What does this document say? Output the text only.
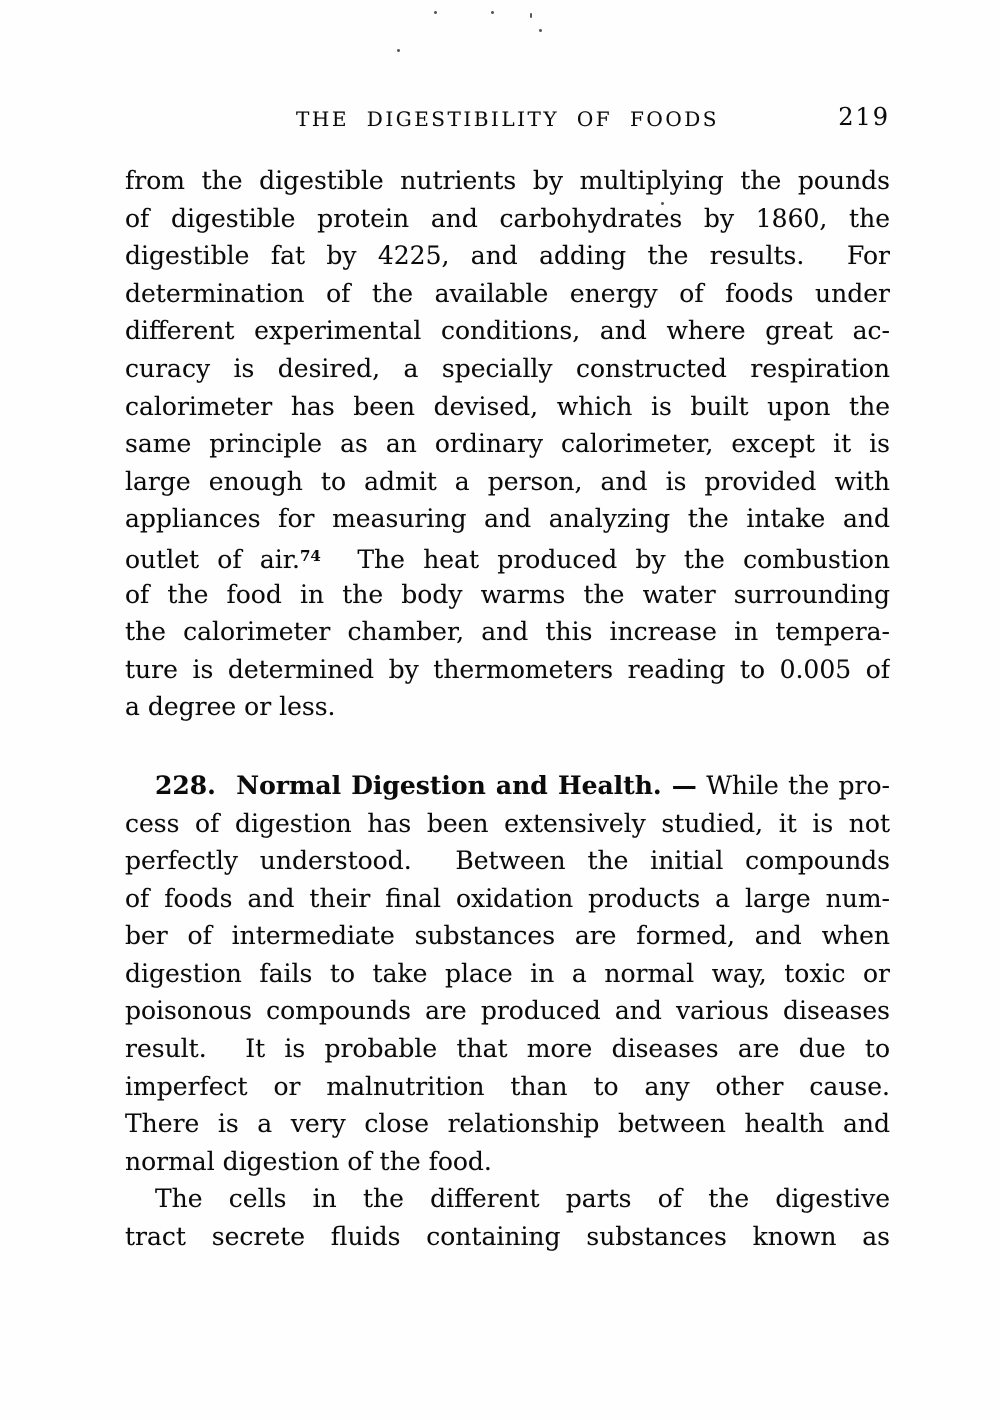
THE DIGESTIBILITY OF FOODS	219
from the digestible nutrients by multiplying the pounds
of digestible protein and carbohydrates by 1860, the
digestible fat by 4225, and adding the results.  For
determination of the available energy of foods under
different experimental conditions, and where great ac-
curacy is desired, a specially constructed respiration
calorimeter has been devised, which is built upon the
same principle as an ordinary calorimeter, except it is
large enough to admit a person, and is provided with
appliances for measuring and analyzing the intake and
outlet of air.$^{74}$  The heat produced by the combustion
of the food in the body warms the water surrounding
the calorimeter chamber, and this increase in tempera-
ture is determined by thermometers reading to 0.005 of
a degree or less.
228.  Normal Digestion and Health. — While the pro-
cess of digestion has been extensively studied, it is not
perfectly understood.  Between the initial compounds
of foods and their final oxidation products a large num-
ber of intermediate substances are formed, and when
digestion fails to take place in a normal way, toxic or
poisonous compounds are produced and various diseases
result.  It is probable that more diseases are due to
imperfect or malnutrition than to any other cause.
There is a very close relationship between health and
normal digestion of the food.
The cells in the different parts of the digestive
tract secrete fluids containing substances known as
